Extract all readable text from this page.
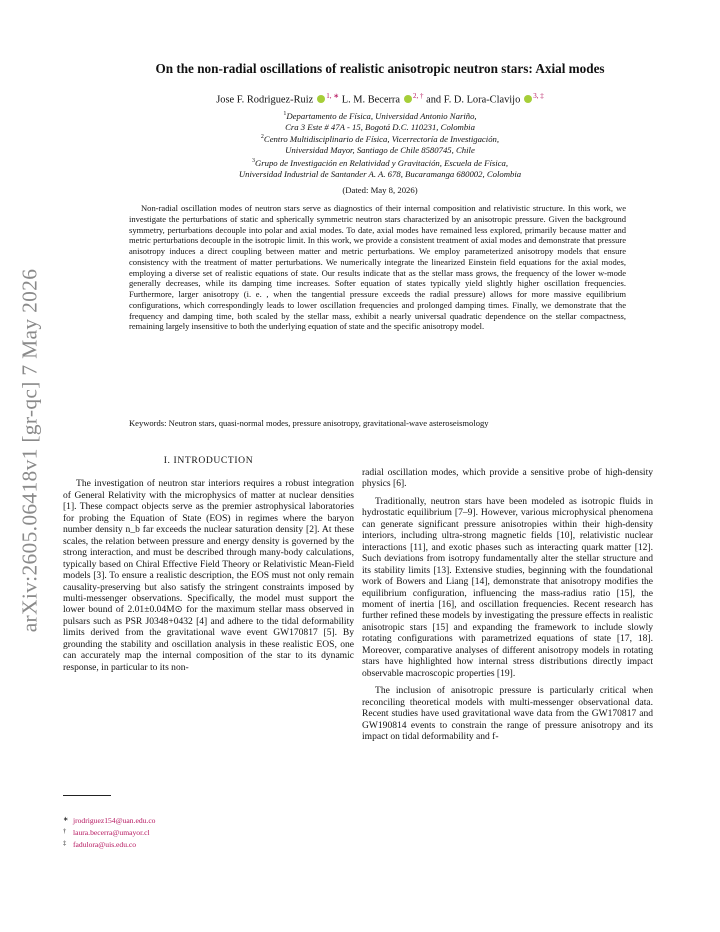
arXiv:2605.06418v1 [gr-qc] 7 May 2026
On the non-radial oscillations of realistic anisotropic neutron stars: Axial modes
Jose F. Rodriguez-Ruiz $^{1, ∗}$ L. M. Becerra $^{2, \dagger}$ and F. D. Lora-Clavijo $^{3, \ddagger}$
$^1$Departamento de Física, Universidad Antonio Nariño,
Cra 3 Este # 47A - 15, Bogotá D.C. 110231, Colombia
$^2$Centro Multidisciplinario de Física, Vicerrectoría de Investigación,
Universidad Mayor, Santiago de Chile 8580745, Chile
$^3$Grupo de Investigación en Relatividad y Gravitación, Escuela de Física,
Universidad Industrial de Santander A. A. 678, Bucaramanga 680002, Colombia
(Dated: May 8, 2026)

Non-radial oscillation modes of neutron stars serve as diagnostics of their internal composition and relativistic structure. In this work, we investigate the perturbations of static and spherically symmetric neutron stars characterized by an anisotropic pressure. Given the background symmetry, perturbations decouple into polar and axial modes. To date, axial modes have remained less explored, primarily because matter and metric perturbations decouple in the isotropic limit. In this work, we provide a consistent treatment of axial modes and demonstrate that pressure anisotropy induces a direct coupling between matter and metric perturbations. We employ parameterized anisotropy models that ensure consistency with the treatment of matter perturbations. We numerically integrate the linearized Einstein field equations for the axial modes, employing a diverse set of realistic equations of state. Our results indicate that as the stellar mass grows, the frequency of the lower w-mode generally decreases, while its damping time increases. Softer equation of states typically yield slightly higher oscillation frequencies. Furthermore, larger anisotropy (i. e. , when the tangential pressure exceeds the radial pressure) allows for more massive equilibrium configurations, which correspondingly leads to lower oscillation frequencies and prolonged damping times. Finally, we demonstrate that the frequency and damping time, both scaled by the stellar mass, exhibit a nearly universal quadratic dependence on the stellar compactness, remaining largely insensitive to both the underlying equation of state and the specific anisotropy model.

Keywords: Neutron stars, quasi-normal modes, pressure anisotropy, gravitational-wave asteroseismology
I. INTRODUCTION

The investigation of neutron star interiors requires a robust integration of General Relativity with the microphysics of matter at nuclear densities [1]. These compact objects serve as the premier astrophysical laboratories for probing the Equation of State (EOS) in regimes where the baryon number density n_b far exceeds the nuclear saturation density [2]. At these scales, the relation between pressure and energy density is governed by the strong interaction, and must be described through many-body calculations, typically based on Chiral Effective Field Theory or Relativistic Mean-Field models [3]. To ensure a realistic description, the EOS must not only remain causality-preserving but also satisfy the stringent constraints imposed by multi-messenger observations. Specifically, the model must support the lower bound of 2.01±0.04M⊙ for the maximum stellar mass observed in pulsars such as PSR J0348+0432 [4] and adhere to the tidal deformability limits derived from the gravitational wave event GW170817 [5]. By grounding the stability and oscillation analysis in these realistic EOS, one can accurately map the internal composition of the star to its dynamic response, in particular to its non-

radial oscillation modes, which provide a sensitive probe of high-density physics [6].

Traditionally, neutron stars have been modeled as isotropic fluids in hydrostatic equilibrium [7–9]. However, various microphysical phenomena can generate significant pressure anisotropies within their high-density interiors, including ultra-strong magnetic fields [10], relativistic nuclear interactions [11], and exotic phases such as interacting quark matter [12]. Such deviations from isotropy fundamentally alter the stellar structure and its stability limits [13]. Extensive studies, beginning with the foundational work of Bowers and Liang [14], demonstrate that anisotropy modifies the equilibrium configuration, influencing the mass-radius ratio [15], the moment of inertia [16], and oscillation frequencies. Recent research has further refined these models by investigating the pressure effects in realistic anisotropic stars [15] and expanding the framework to include slowly rotating configurations with parametrized equations of state [17, 18]. Moreover, comparative analyses of different anisotropy models in rotating stars have highlighted how internal stress distributions directly impact observable macroscopic properties [19].

The inclusion of anisotropic pressure is particularly critical when reconciling theoretical models with multi-messenger observational data. Recent studies have used gravitational wave data from the GW170817 and GW190814 events to constrain the range of pressure anisotropy and its impact on tidal deformability and f-

∗ jrodriguez154@uan.edu.co
† laura.becerra@umayor.cl
‡ fadulora@uis.edu.co
